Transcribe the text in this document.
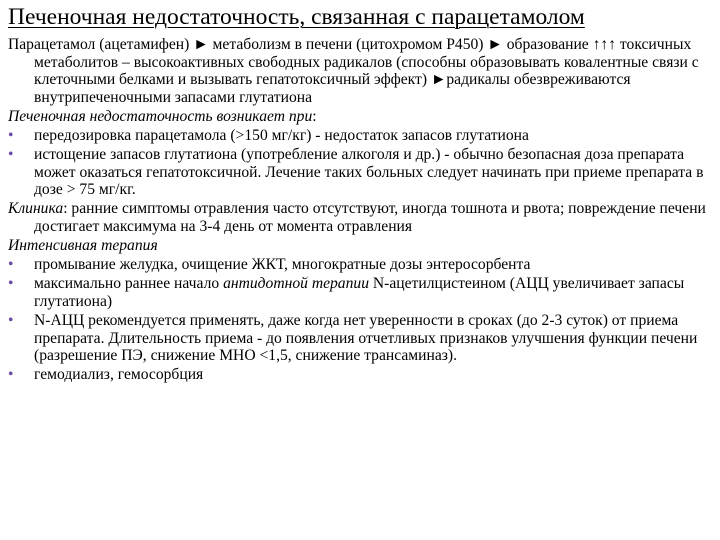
Печеночная недостаточность, связанная с парацетамолом
Парацетамол (ацетамифен) ► метаболизм в печени (цитохромом Р450) ► образование ↑↑↑ токсичных метаболитов – высокоактивных свободных радикалов (способны образовывать ковалентные связи с клеточными белками и вызывать гепатотоксичный эффект) ►радикалы обезвреживаются внутрипеченочными запасами глутатиона
Печеночная недостаточность возникает при:
• передозировка парацетамола (>150 мг/кг) - недостаток запасов глутатиона
• истощение запасов глутатиона (употребление алкоголя и др.) - обычно безопасная доза препарата может оказаться гепатотоксичной. Лечение таких больных следует начинать при приеме препарата в дозе > 75 мг/кг.
Клиника: ранние симптомы отравления часто отсутствуют, иногда тошнота и рвота; повреждение печени достигает максимума на 3-4 день от момента отравления
Интенсивная терапия
• промывание желудка, очищение ЖКТ, многократные дозы энтеросорбента
• максимально раннее начало антидотной терапии N-ацетилцистеином (АЦЦ увеличивает запасы глутатиона)
• N-АЦЦ рекомендуется применять, даже когда нет уверенности в сроках (до 2-3 суток) от приема препарата. Длительность приема - до появления отчетливых признаков улучшения функции печени (разрешение ПЭ, снижение МНО <1,5, снижение трансаминаз).
• гемодиализ, гемосорбция
